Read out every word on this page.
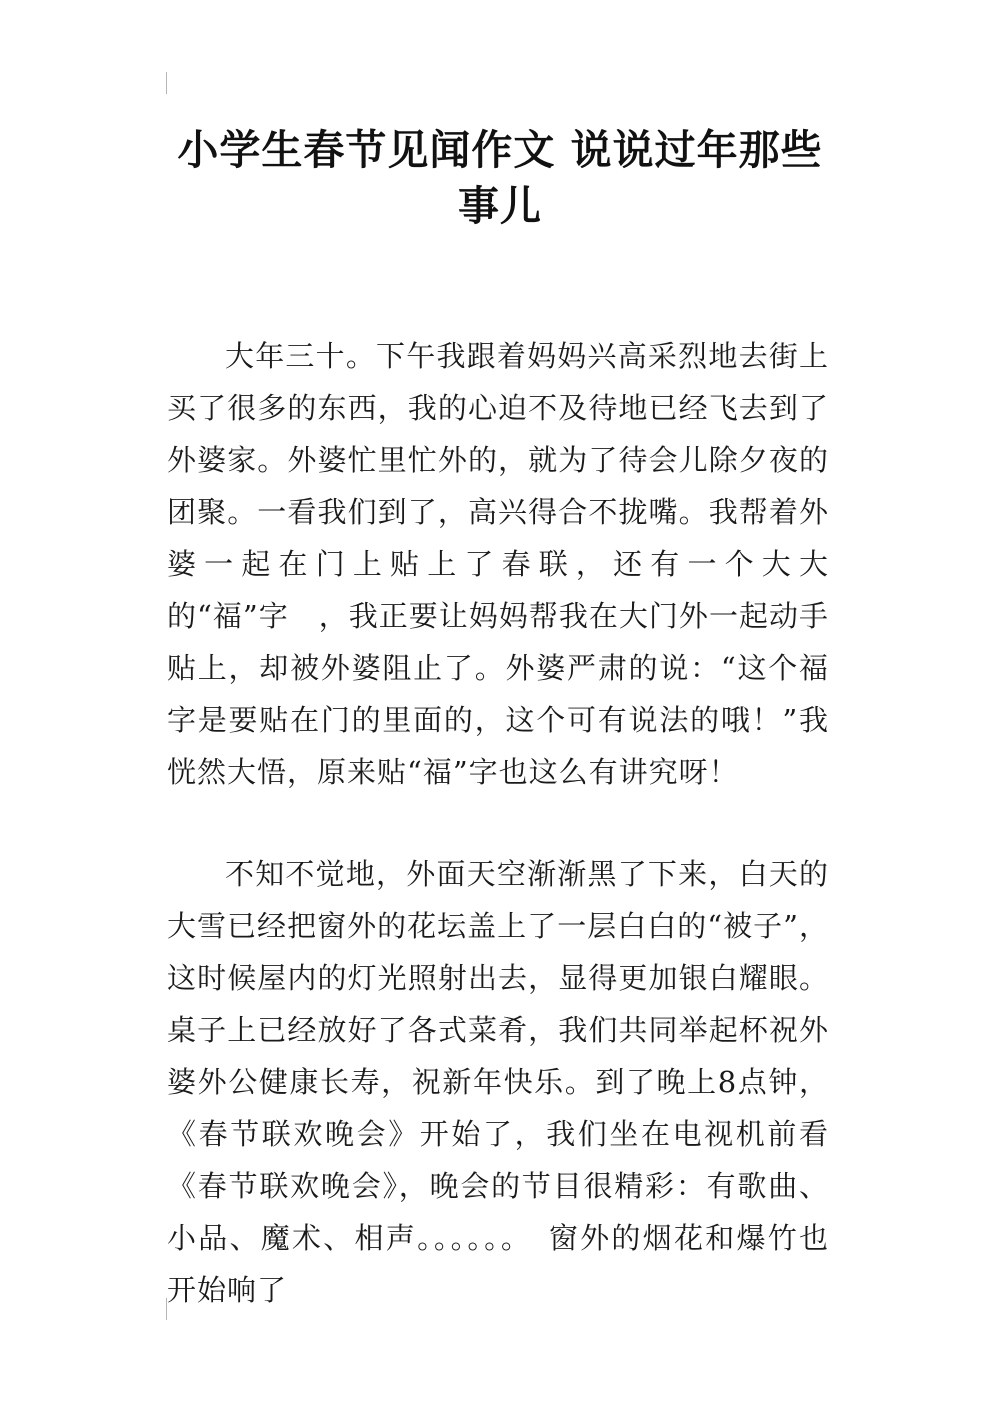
小学生春节见闻作文 说说过年那些事儿

大年三十。下午我跟着妈妈兴高采烈地去街上买了很多的东西，我的心迫不及待地已经飞去到了外婆家。外婆忙里忙外的，就为了待会儿除夕夜的团聚。一看我们到了，高兴得合不拢嘴。我帮着外婆一起在门上贴上了春联，还有一个大大的“福”字　，我正要让妈妈帮我在大门外一起动手贴上，却被外婆阻止了。外婆严肃的说：“这个福字是要贴在门的里面的，这个可有说法的哦！”我恍然大悟，原来贴“福”字也这么有讲究呀！

不知不觉地，外面天空渐渐黑了下来，白天的大雪已经把窗外的花坛盖上了一层白白的“被子”，这时候屋内的灯光照射出去，显得更加银白耀眼。桌子上已经放好了各式菜肴，我们共同举起杯祝外婆外公健康长寿，祝新年快乐。到了晚上8点钟，《春节联欢晚会》开始了，我们坐在电视机前看《春节联欢晚会》，晚会的节目很精彩：有歌曲、小品、魔术、相声。。。。。。　窗外的烟花和爆竹也开始响了
